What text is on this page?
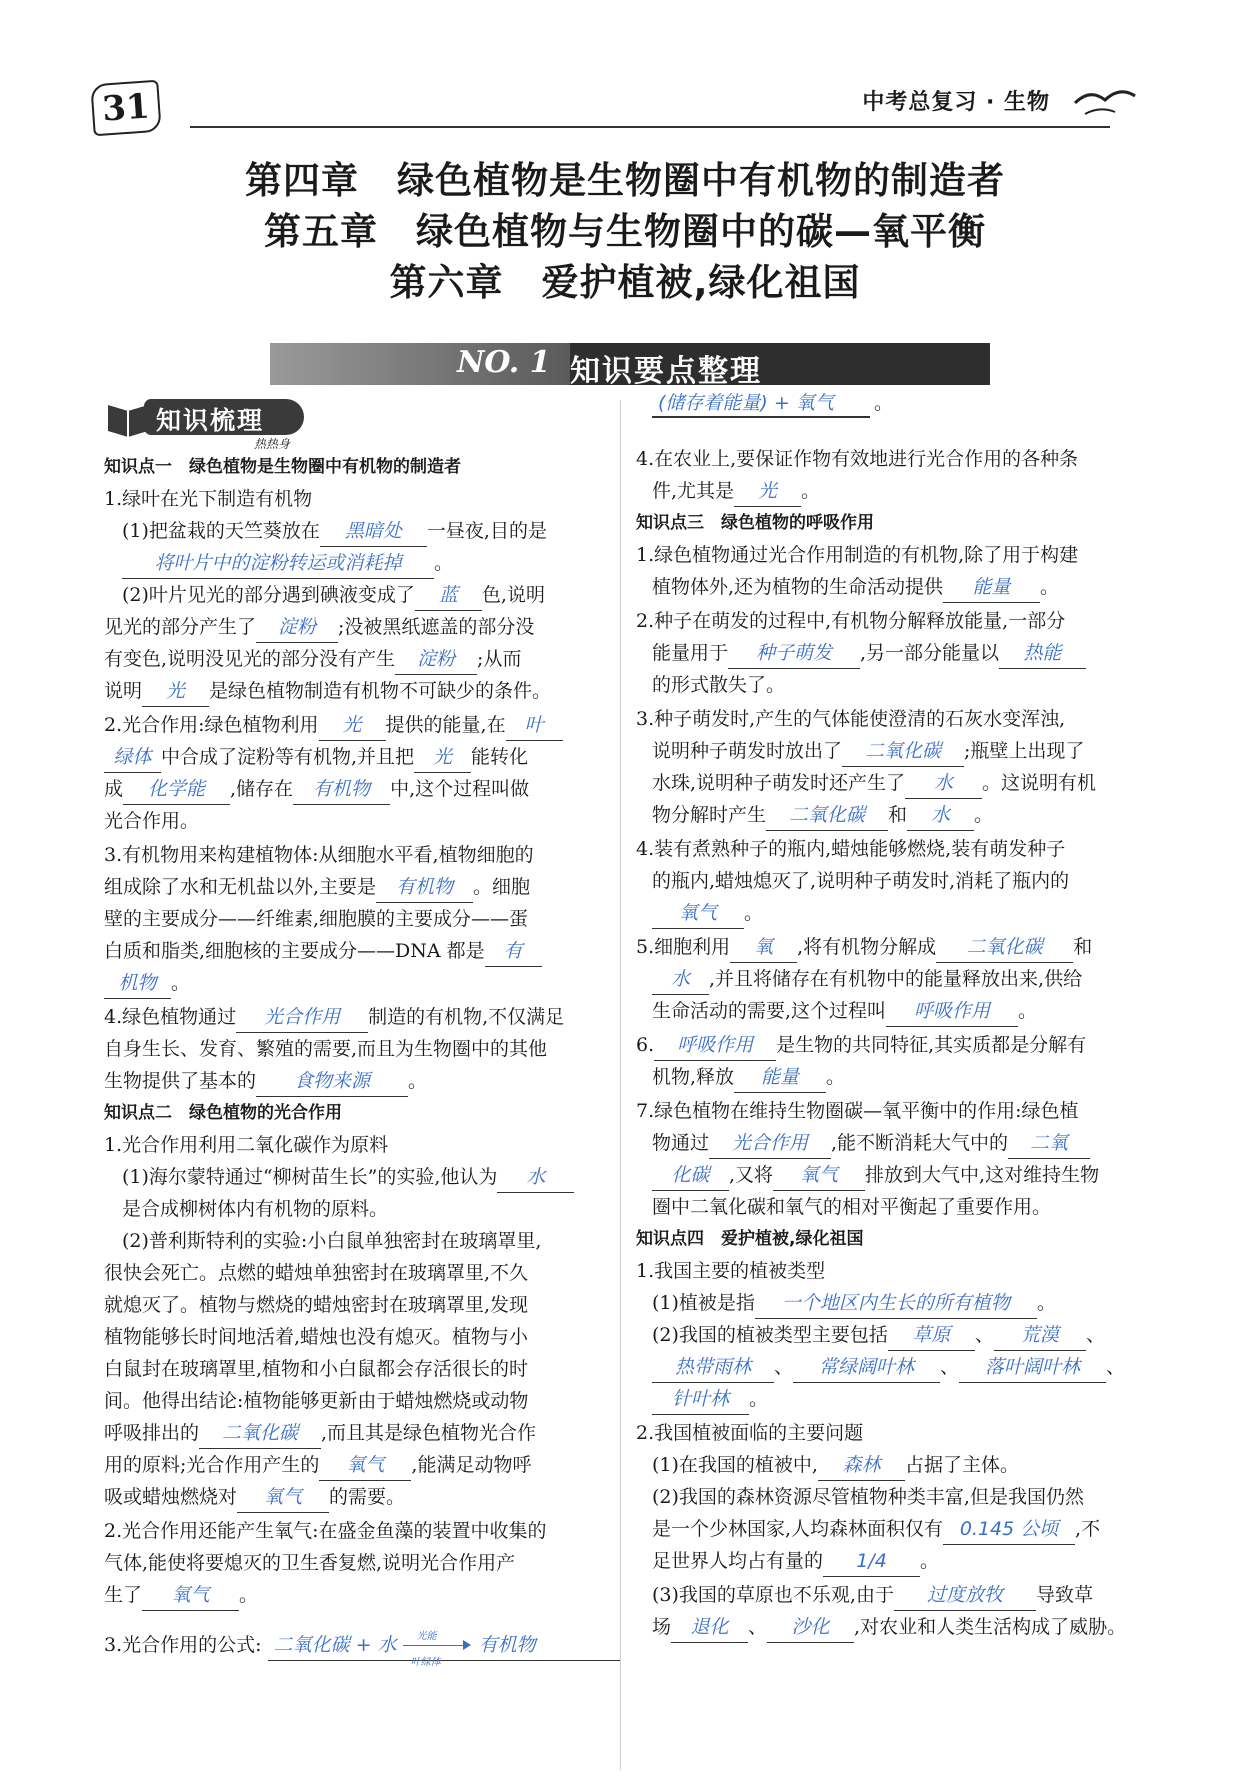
31	中考总复习 · 生物
第四章　绿色植物是生物圈中有机物的制造者
第五章　绿色植物与生物圈中的碳—氧平衡
第六章　爱护植被,绿化祖国
NO. 1 知识要点整理
知识梳理
热热身
知识点一　绿色植物是生物圈中有机物的制造者
1.绿叶在光下制造有机物
(1)把盆栽的天竺葵放在 黑暗处 一昼夜,目的是
将叶片中的淀粉转运或消耗掉 。
(2)叶片见光的部分遇到碘液变成了 蓝 色,说明
见光的部分产生了 淀粉 ;没被黑纸遮盖的部分没
有变色,说明没见光的部分没有产生 淀粉 ;从而
说明 光 是绿色植物制造有机物不可缺少的条件。
2.光合作用:绿色植物利用 光 提供的能量,在 叶
绿体 中合成了淀粉等有机物,并且把 光 能转化
成 化学能 ,储存在 有机物 中,这个过程叫做
光合作用。
3.有机物用来构建植物体:从细胞水平看,植物细胞的
组成除了水和无机盐以外,主要是 有机物 。细胞
壁的主要成分——纤维素,细胞膜的主要成分——蛋
白质和脂类,细胞核的主要成分——DNA 都是 有
机物 。
4.绿色植物通过 光合作用 制造的有机物,不仅满足
自身生长、发育、繁殖的需要,而且为生物圈中的其他
生物提供了基本的 食物来源 。
知识点二　绿色植物的光合作用
1.光合作用利用二氧化碳作为原料
(1)海尔蒙特通过“柳树苗生长”的实验,他认为 水
是合成柳树体内有机物的原料。
(2)普利斯特利的实验:小白鼠单独密封在玻璃罩里,
很快会死亡。点燃的蜡烛单独密封在玻璃罩里,不久
就熄灭了。植物与燃烧的蜡烛密封在玻璃罩里,发现
植物能够长时间地活着,蜡烛也没有熄灭。植物与小
白鼠封在玻璃罩里,植物和小白鼠都会存活很长的时
间。他得出结论:植物能够更新由于蜡烛燃烧或动物
呼吸排出的 二氧化碳 ,而且其是绿色植物光合作
用的原料;光合作用产生的 氧气 ,能满足动物呼
吸或蜡烛燃烧对 氧气 的需要。
2.光合作用还能产生氧气:在盛金鱼藻的装置中收集的
气体,能使将要熄灭的卫生香复燃,说明光合作用产
生了 氧气 。
3.光合作用的公式: 二氧化碳 + 水 光能
叶绿体
有机物
(储存着能量) + 氧气 。
4.在农业上,要保证作物有效地进行光合作用的各种条
件,尤其是 光 。
知识点三　绿色植物的呼吸作用
1.绿色植物通过光合作用制造的有机物,除了用于构建
植物体外,还为植物的生命活动提供 能量 。
2.种子在萌发的过程中,有机物分解释放能量,一部分
能量用于 种子萌发 ,另一部分能量以 热能
的形式散失了。
3.种子萌发时,产生的气体能使澄清的石灰水变浑浊,
说明种子萌发时放出了 二氧化碳 ;瓶壁上出现了
水珠,说明种子萌发时还产生了 水 。这说明有机
物分解时产生 二氧化碳 和 水 。
4.装有煮熟种子的瓶内,蜡烛能够燃烧,装有萌发种子
的瓶内,蜡烛熄灭了,说明种子萌发时,消耗了瓶内的
氧气 。
5.细胞利用 氧 ,将有机物分解成 二氧化碳 和
水 ,并且将储存在有机物中的能量释放出来,供给
生命活动的需要,这个过程叫 呼吸作用 。
6. 呼吸作用 是生物的共同特征,其实质都是分解有
机物,释放 能量 。
7.绿色植物在维持生物圈碳—氧平衡中的作用:绿色植
物通过 光合作用 ,能不断消耗大气中的 二氧
化碳 ,又将 氧气 排放到大气中,这对维持生物
圈中二氧化碳和氧气的相对平衡起了重要作用。
知识点四　爱护植被,绿化祖国
1.我国主要的植被类型
(1)植被是指 一个地区内生长的所有植物 。
(2)我国的植被类型主要包括 草原 、 荒漠 、
热带雨林 、 常绿阔叶林 、 落叶阔叶林 、
针叶林 。
2.我国植被面临的主要问题
(1)在我国的植被中, 森林 占据了主体。
(2)我国的森林资源尽管植物种类丰富,但是我国仍然
是一个少林国家,人均森林面积仅有 0.145 公顷 ,不
足世界人均占有量的 1/4 。
(3)我国的草原也不乐观,由于 过度放牧 导致草
场 退化 、 沙化 ,对农业和人类生活构成了威胁。
